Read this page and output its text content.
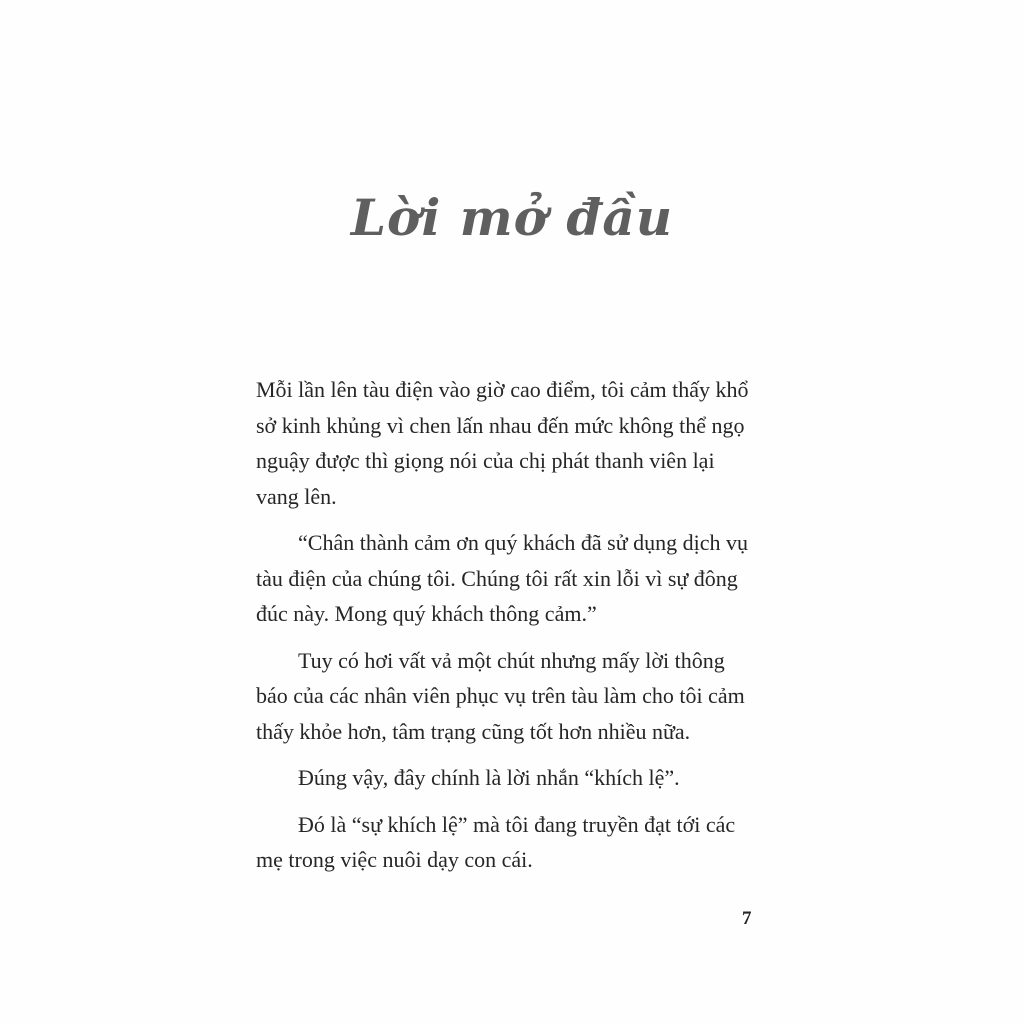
Lời mở đầu

Mỗi lần lên tàu điện vào giờ cao điểm, tôi cảm thấy khổ sở kinh khủng vì chen lấn nhau đến mức không thể ngọ nguậy được thì giọng nói của chị phát thanh viên lại vang lên.

“Chân thành cảm ơn quý khách đã sử dụng dịch vụ tàu điện của chúng tôi. Chúng tôi rất xin lỗi vì sự đông đúc này. Mong quý khách thông cảm.”

Tuy có hơi vất vả một chút nhưng mấy lời thông báo của các nhân viên phục vụ trên tàu làm cho tôi cảm thấy khỏe hơn, tâm trạng cũng tốt hơn nhiều nữa.

Đúng vậy, đây chính là lời nhắn “khích lệ”.

Đó là “sự khích lệ” mà tôi đang truyền đạt tới các mẹ trong việc nuôi dạy con cái.

7
